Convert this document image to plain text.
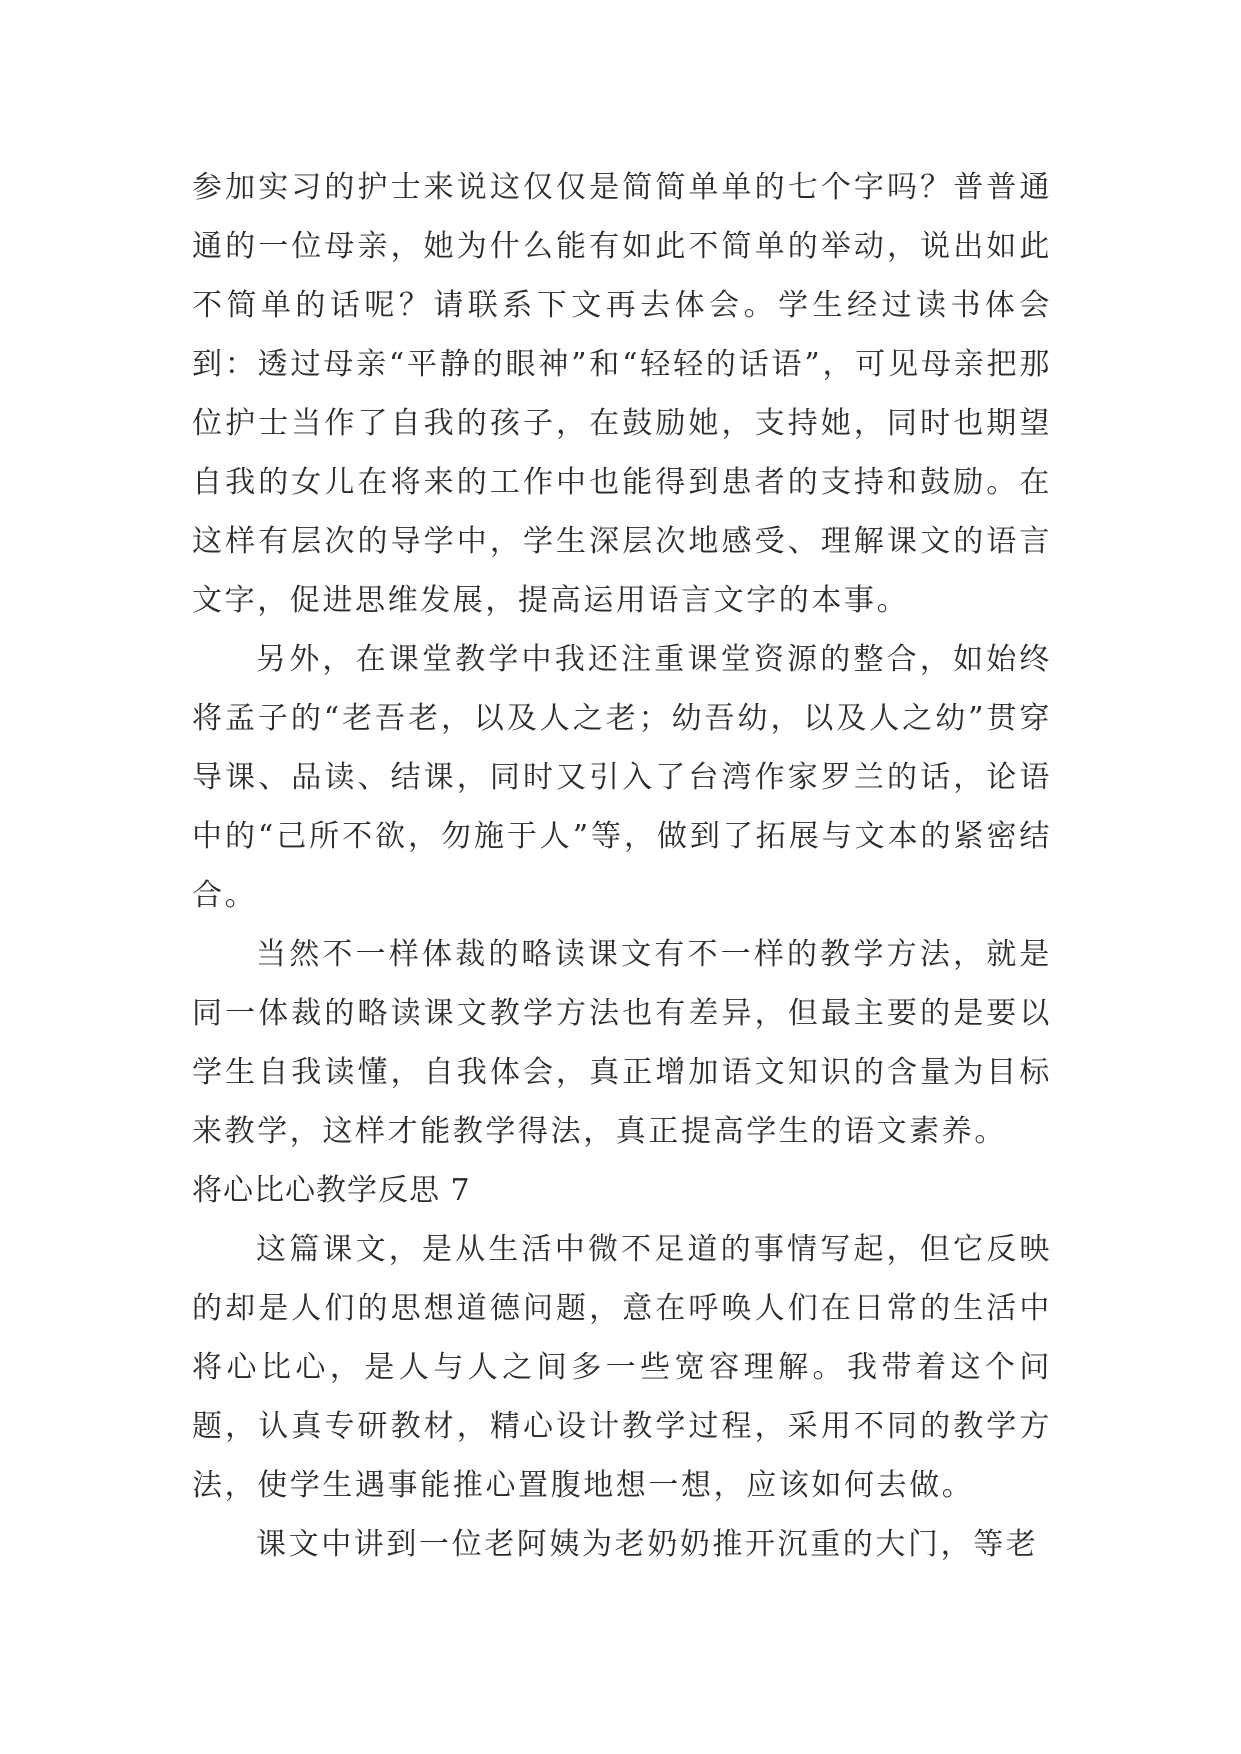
参加实习的护士来说这仅仅是简简单单的七个字吗？普普通通的一位母亲，她为什么能有如此不简单的举动，说出如此不简单的话呢？请联系下文再去体会。学生经过读书体会到：透过母亲“平静的眼神”和“轻轻的话语”，可见母亲把那位护士当作了自我的孩子，在鼓励她，支持她，同时也期望自我的女儿在将来的工作中也能得到患者的支持和鼓励。在这样有层次的导学中，学生深层次地感受、理解课文的语言文字，促进思维发展，提高运用语言文字的本事。

另外，在课堂教学中我还注重课堂资源的整合，如始终将孟子的“老吾老，以及人之老；幼吾幼，以及人之幼”贯穿导课、品读、结课，同时又引入了台湾作家罗兰的话，论语中的“己所不欲，勿施于人”等，做到了拓展与文本的紧密结合。

当然不一样体裁的略读课文有不一样的教学方法，就是同一体裁的略读课文教学方法也有差异，但最主要的是要以学生自我读懂，自我体会，真正增加语文知识的含量为目标来教学，这样才能教学得法，真正提高学生的语文素养。

将心比心教学反思 7

这篇课文，是从生活中微不足道的事情写起，但它反映的却是人们的思想道德问题，意在呼唤人们在日常的生活中将心比心，是人与人之间多一些宽容理解。我带着这个问题，认真专研教材，精心设计教学过程，采用不同的教学方法，使学生遇事能推心置腹地想一想，应该如何去做。

课文中讲到一位老阿姨为老奶奶推开沉重的大门，等老
